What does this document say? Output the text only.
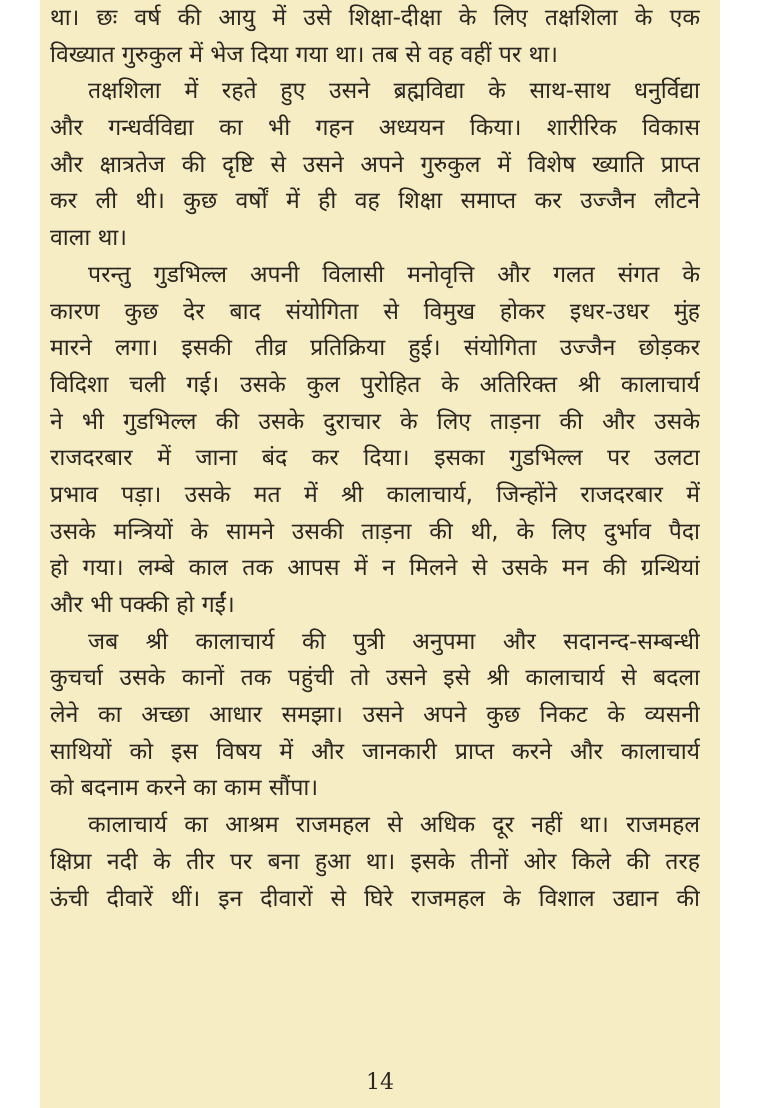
था। छः वर्ष की आयु में उसे शिक्षा-दीक्षा के लिए तक्षशिला के एक
विख्यात गुरुकुल में भेज दिया गया था। तब से वह वहीं पर था।
तक्षशिला में रहते हुए उसने ब्रह्मविद्या के साथ-साथ धनुर्विद्या
और गन्धर्वविद्या का भी गहन अध्ययन किया। शारीरिक विकास
और क्षात्रतेज की दृष्टि से उसने अपने गुरुकुल में विशेष ख्याति प्राप्त
कर ली थी। कुछ वर्षों में ही वह शिक्षा समाप्त कर उज्जैन लौटने
वाला था।
परन्तु गुडभिल्ल अपनी विलासी मनोवृत्ति और गलत संगत के
कारण कुछ देर बाद संयोगिता से विमुख होकर इधर-उधर मुंह
मारने लगा। इसकी तीव्र प्रतिक्रिया हुई। संयोगिता उज्जैन छोड़कर
विदिशा चली गई। उसके कुल पुरोहित के अतिरिक्त श्री कालाचार्य
ने भी गुडभिल्ल की उसके दुराचार के लिए ताड़ना की और उसके
राजदरबार में जाना बंद कर दिया। इसका गुडभिल्ल पर उलटा
प्रभाव पड़ा। उसके मत में श्री कालाचार्य, जिन्होंने राजदरबार में
उसके मन्त्रियों के सामने उसकी ताड़ना की थी, के लिए दुर्भाव पैदा
हो गया। लम्बे काल तक आपस में न मिलने से उसके मन की ग्रन्थियां
और भी पक्की हो गईं।
जब श्री कालाचार्य की पुत्री अनुपमा और सदानन्द-सम्बन्धी
कुचर्चा उसके कानों तक पहुंची तो उसने इसे श्री कालाचार्य से बदला
लेने का अच्छा आधार समझा। उसने अपने कुछ निकट के व्यसनी
साथियों को इस विषय में और जानकारी प्राप्त करने और कालाचार्य
को बदनाम करने का काम सौंपा।
कालाचार्य का आश्रम राजमहल से अधिक दूर नहीं था। राजमहल
क्षिप्रा नदी के तीर पर बना हुआ था। इसके तीनों ओर किले की तरह
ऊंची दीवारें थीं। इन दीवारों से घिरे राजमहल के विशाल उद्यान की
14
